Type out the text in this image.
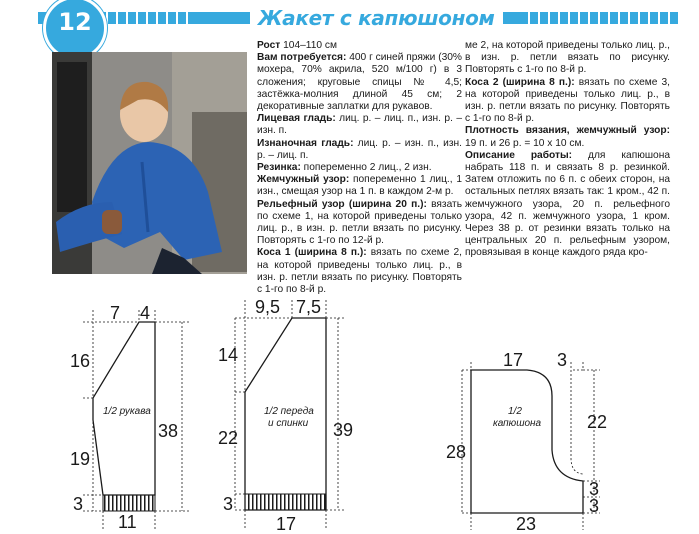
12	Жакет с капюшоном

Рост 104–110 см

Вам потребуется: 400 г синей пряжи (30% мохера, 70% акрила, 520 м/100 г) в 3 сложения; круговые спицы № 4,5; застёжка-молния длиной 45 см; 2 декоративные заплатки для рукавов.

Лицевая гладь: лиц. р. – лиц. п., изн. р. – изн. п.

Изнаночная гладь: лиц. р. – изн. п., изн. р. – лиц. п.

Резинка: попеременно 2 лиц., 2 изн.

Жемчужный узор: попеременно 1 лиц., 1 изн., смещая узор на 1 п. в каждом 2-м р.

Рельефный узор (ширина 20 п.): вязать по схеме 1, на которой приведены только лиц. р., в изн. р. петли вязать по рисунку. Повторять с 1-го по 12-й р.

Коса 1 (ширина 8 п.): вязать по схеме 2, на которой приведены только лиц. р., в изн. р. петли вязать по рисунку. Повторять с 1-го по 8-й р.

ме 2, на которой приведены только лиц. р., в изн. р. петли вязать по рисунку. Повторять с 1-го по 8-й р.

Коса 2 (ширина 8 п.): вязать по схеме 3, на которой приведены только лиц. р., в изн. р. петли вязать по рисунку. Повторять с 1-го по 8-й р.

Плотность вязания, жемчужный узор: 19 п. и 26 р. = 10 х 10 см.

Описание работы: для капюшона набрать 118 п. и связать 8 р. резинкой. Затем отложить по 6 п. с обеих сторон, на остальных петлях вязать так: 1 кром., 42 п. жемчужного узора, 20 п. рельефного узора, 42 п. жемчужного узора, 1 кром. Через 38 р. от резинки вязать только на центральных 20 п. рельефным узором, провязывая в конце каждого ряда кро-

7 4
16
19
3
38
11
1/2 рукава
9,5 7,5
14
22
3
39
17
1/2 переда
и спинки
17 3
22
28
3
3
23
1/2
капюшона
